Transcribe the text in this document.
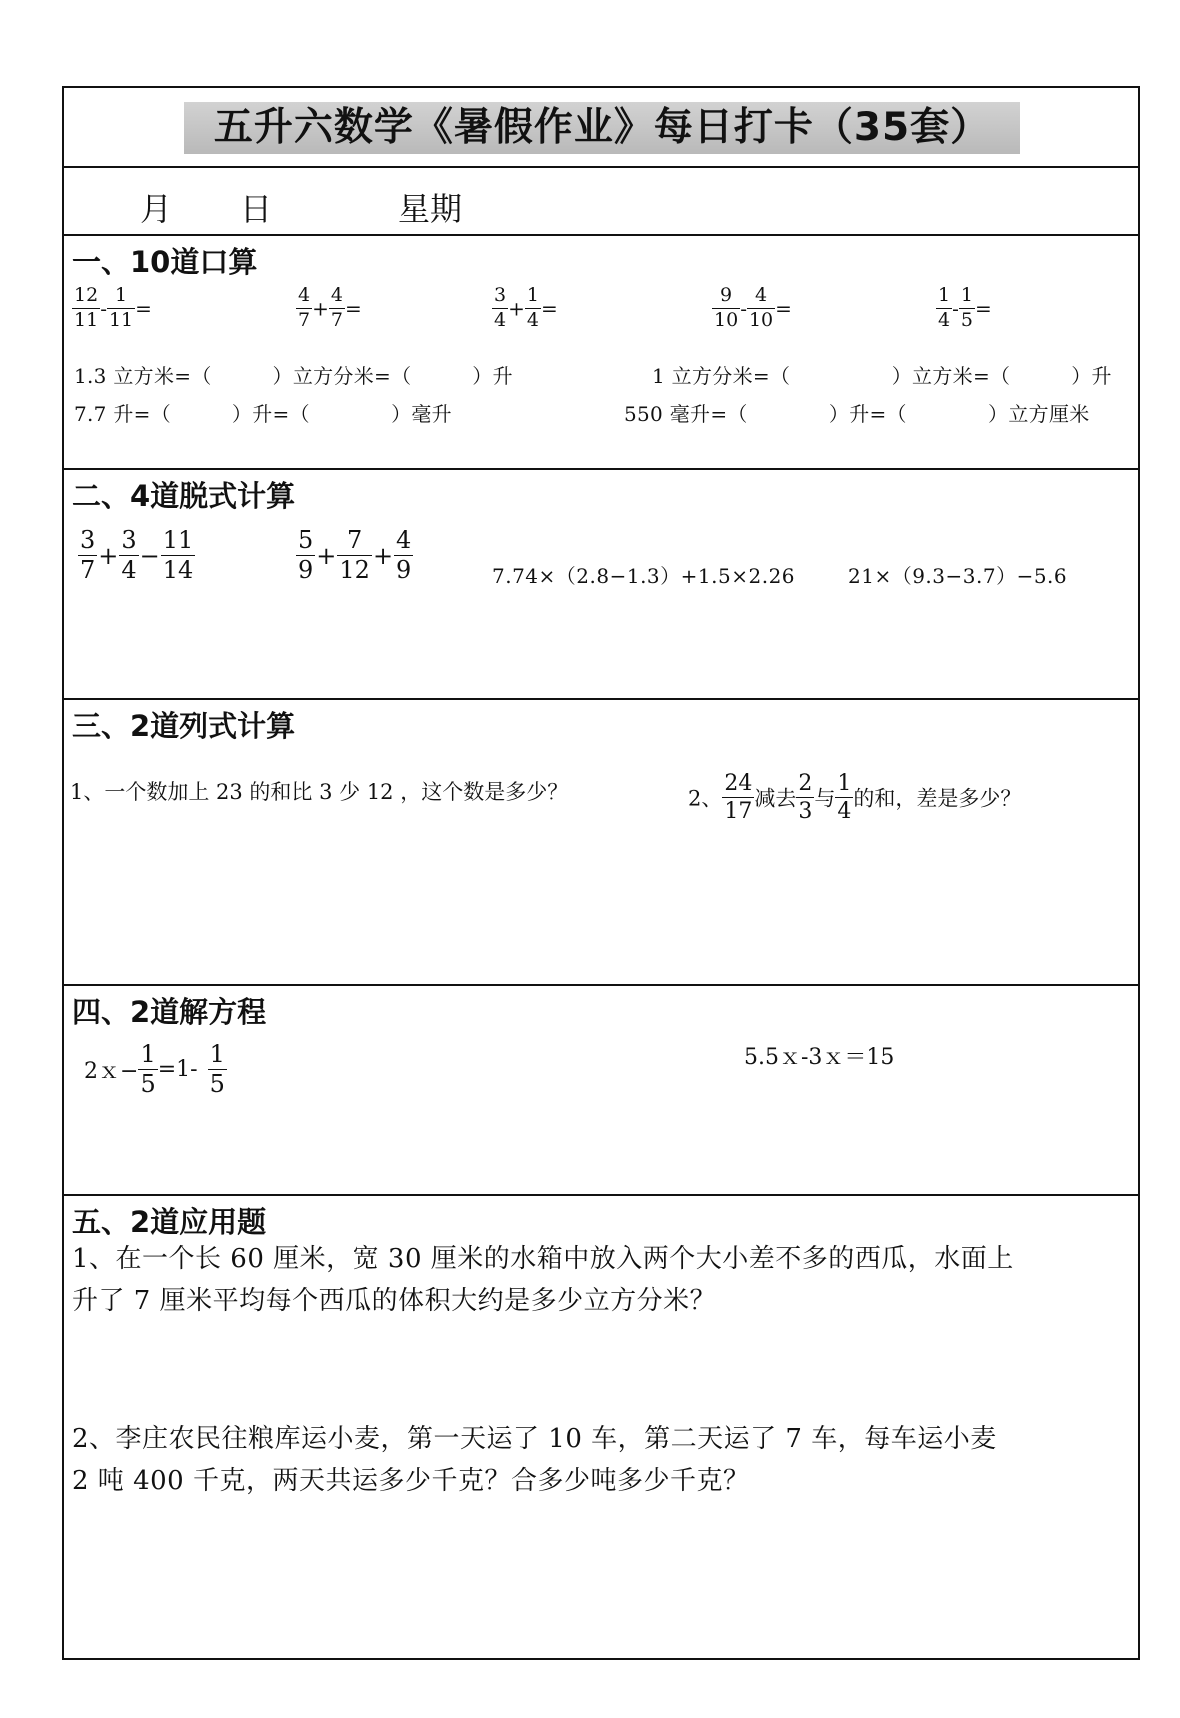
五升六数学《暑假作业》每日打卡（35套）
月 日	星期
一、10道口算
$\frac{12}{11} - \frac{1}{11}$ =	$\frac{4}{7} + \frac{4}{7}$ =	$\frac{3}{4} + \frac{1}{4}$ =	$\frac{9}{10} - \frac{4}{10}$ =	$\frac{1}{4} - \frac{1}{5}$ =
1.3 立方米=（　　　）立方分米=（　　　）升	1 立方分米=（　　　　　）立方米=（　　　）升
7.7 升=（　　　）升=（　　　　）毫升	550 毫升=（　　　　）升=（　　　　）立方厘米
二、4道脱式计算
$\frac{3}{7} + \frac{3}{4} - \frac{11}{14}$	$\frac{5}{9} + \frac{7}{12} + \frac{4}{9}$	7.74×（2.8−1.3）+1.5×2.26	21×（9.3−3.7）−5.6
三、2道列式计算
1、一个数加上 23 的和比 3 少 12 ，这个数是多少？	2、 $\frac{24}{17}$ 减去 $\frac{2}{3}$ 与 $\frac{1}{4}$ 的和，差是多少？
四、2道解方程
2ｘ− $\frac{1}{5} =1- \frac{1}{5}$	5.5ｘ-3ｘ＝15
五、2道应用题
1、在一个长 60 厘米，宽 30 厘米的水箱中放入两个大小差不多的西瓜，水面上
升了 7 厘米平均每个西瓜的体积大约是多少立方分米？
2、李庄农民往粮库运小麦，第一天运了 10 车，第二天运了 7 车，每车运小麦
2 吨 400 千克，两天共运多少千克？合多少吨多少千克？
